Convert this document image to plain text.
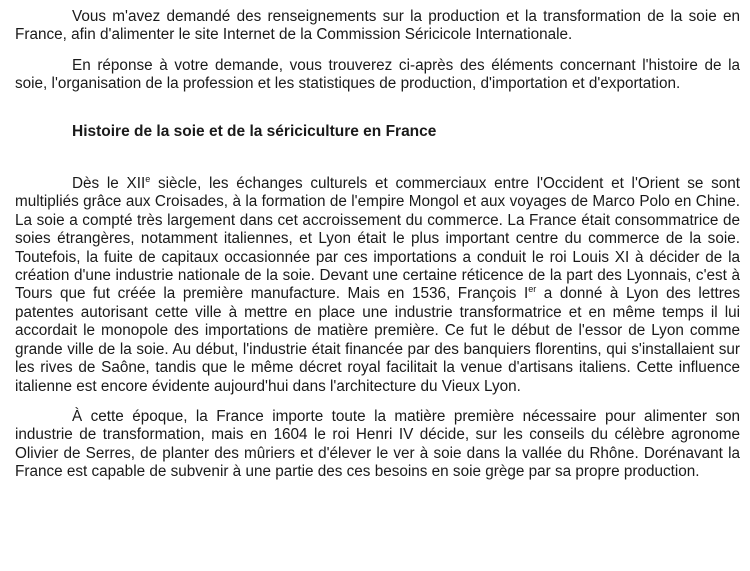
Vous m'avez demandé des renseignements sur la production et la transformation de la soie en France, afin d'alimenter le site Internet de la Commission Séricicole Internationale.

En réponse à votre demande, vous trouverez ci-après des éléments concernant l'histoire de la soie, l'organisation de la profession et les statistiques de production, d'importation et d'exportation.

Histoire de la soie et de la sériciculture en France

Dès le XIIe siècle, les échanges culturels et commerciaux entre l'Occident et l'Orient se sont multipliés grâce aux Croisades, à la formation de l'empire Mongol et aux voyages de Marco Polo en Chine. La soie a compté très largement dans cet accroissement du commerce. La France était consommatrice de soies étrangères, notamment italiennes, et Lyon était le plus important centre du commerce de la soie. Toutefois, la fuite de capitaux occasionnée par ces importations a conduit le roi Louis XI à décider de la création d'une industrie nationale de la soie. Devant une certaine réticence de la part des Lyonnais, c'est à Tours que fut créée la première manufacture. Mais en 1536, François Ier a donné à Lyon des lettres patentes autorisant cette ville à mettre en place une industrie transformatrice et en même temps il lui accordait le monopole des importations de matière première. Ce fut le début de l'essor de Lyon comme grande ville de la soie. Au début, l'industrie était financée par des banquiers florentins, qui s'installaient sur les rives de Saône, tandis que le même décret royal facilitait la venue d'artisans italiens. Cette influence italienne est encore évidente aujourd'hui dans l'architecture du Vieux Lyon.

À cette époque, la France importe toute la matière première nécessaire pour alimenter son industrie de transformation, mais en 1604 le roi Henri IV décide, sur les conseils du célèbre agronome Olivier de Serres, de planter des mûriers et d'élever le ver à soie dans la vallée du Rhône. Dorénavant la France est capable de subvenir à une partie des ces besoins en soie grège par sa propre production.
